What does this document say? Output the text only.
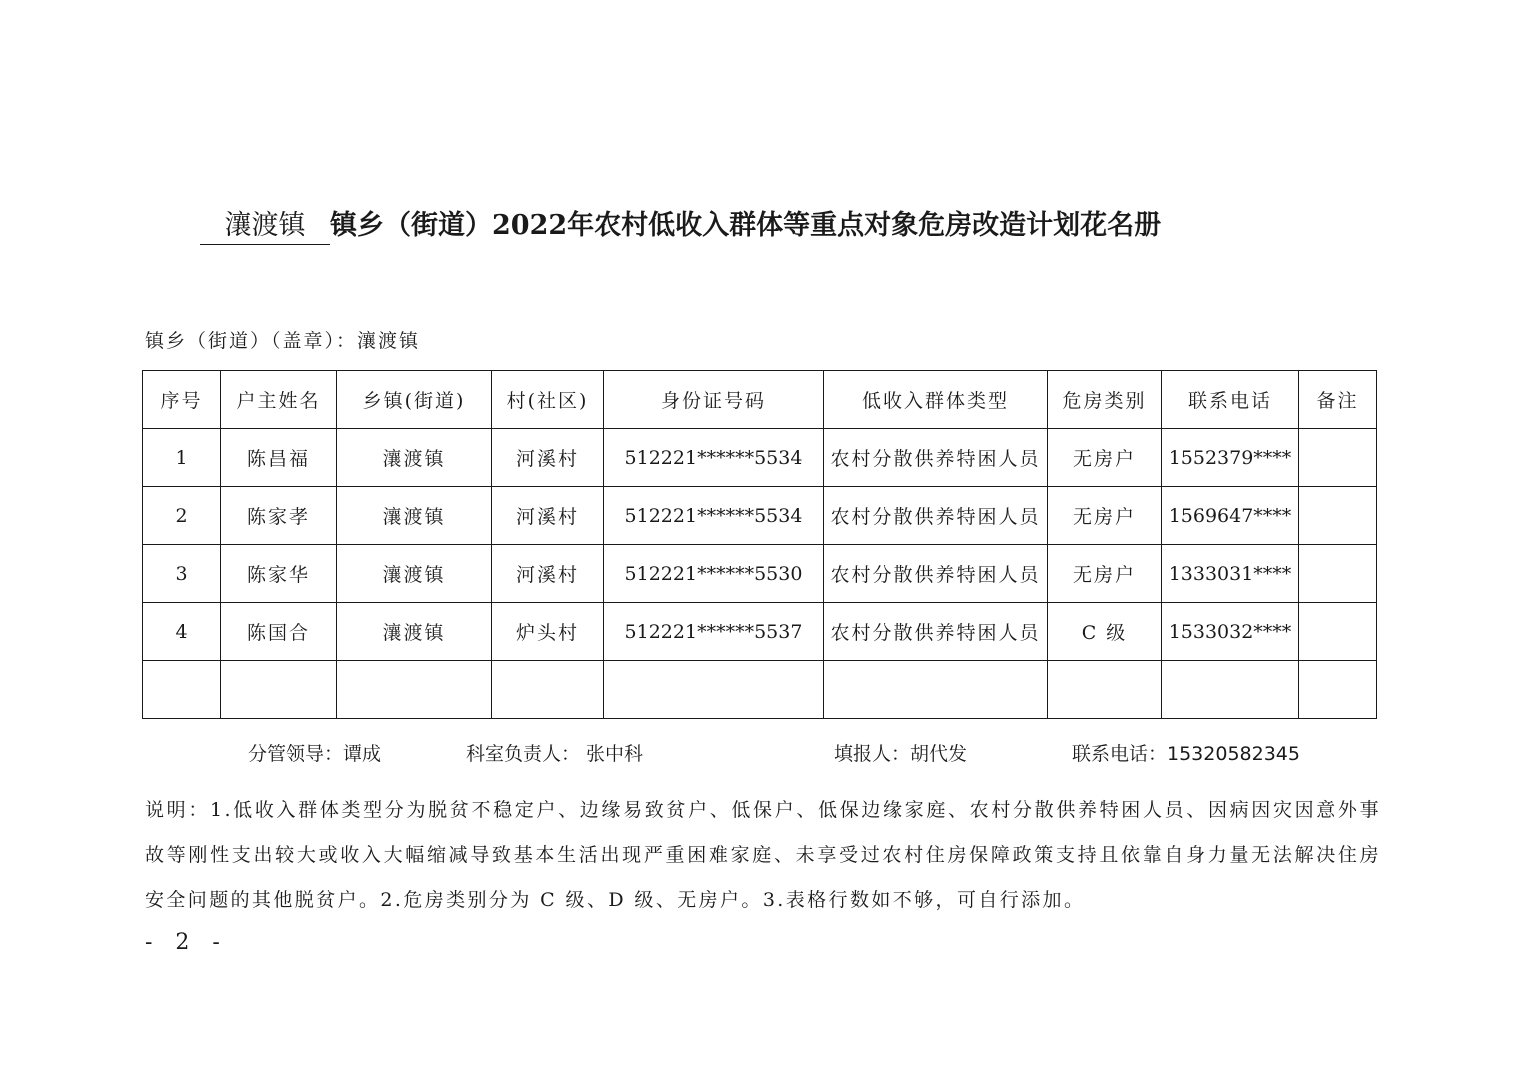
瀼渡镇 镇乡（街道）2022年农村低收入群体等重点对象危房改造计划花名册
镇乡（街道）（盖章）：瀼渡镇
序号	户主姓名	乡镇(街道)	村(社区)	身份证号码	低收入群体类型	危房类别	联系电话	备注
1	陈昌福	瀼渡镇	河溪村	512221******5534	农村分散供养特困人员	无房户	1552379****	
2	陈家孝	瀼渡镇	河溪村	512221******5534	农村分散供养特困人员	无房户	1569647****	
3	陈家华	瀼渡镇	河溪村	512221******5530	农村分散供养特困人员	无房户	1333031****	
4	陈国合	瀼渡镇	炉头村	512221******5537	农村分散供养特困人员	C 级	1533032****	

分管领导：谭成	科室负责人： 张中科	填报人：胡代发	联系电话：15320582345
说明：1.低收入群体类型分为脱贫不稳定户、边缘易致贫户、低保户、低保边缘家庭、农村分散供养特困人员、因病因灾因意外事故等刚性支出较大或收入大幅缩减导致基本生活出现严重困难家庭、未享受过农村住房保障政策支持且依靠自身力量无法解决住房安全问题的其他脱贫户。2.危房类别分为 C 级、D 级、无房户。3.表格行数如不够，可自行添加。
- 2 -
